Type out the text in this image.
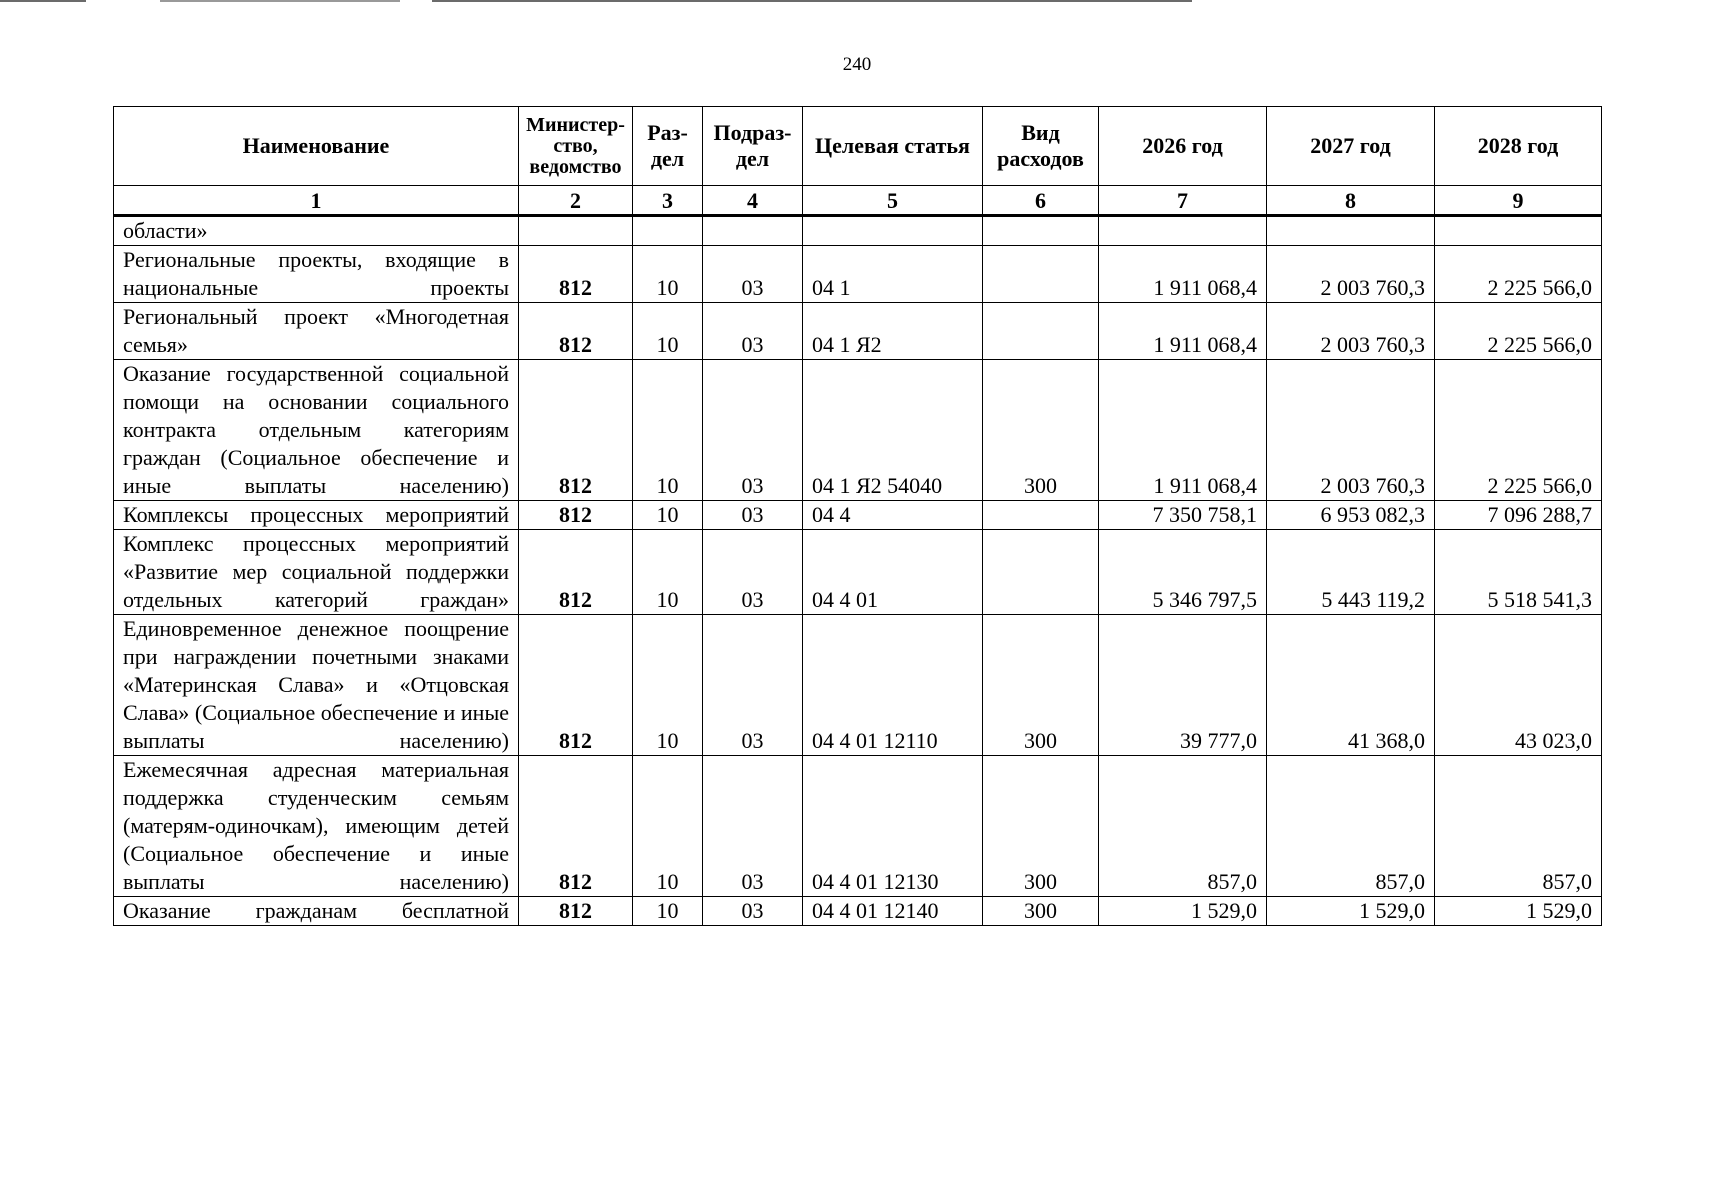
240
Наименование	Министер-ство, ведомство	Раз-дел	Подраз-дел	Целевая статья	Вид расходов	2026 год	2027 год	2028 год
1	2	3	4	5	6	7	8	9
области»								
Региональные проекты, входящие в национальные проекты	812	10	03	04 1		1 911 068,4	2 003 760,3	2 225 566,0
Региональный проект «Многодетная семья»	812	10	03	04 1 Я2		1 911 068,4	2 003 760,3	2 225 566,0
Оказание государственной социальной помощи на основании социального контракта отдельным категориям граждан (Социальное обеспечение и иные выплаты населению)	812	10	03	04 1 Я2 54040	300	1 911 068,4	2 003 760,3	2 225 566,0
Комплексы процессных мероприятий	812	10	03	04 4		7 350 758,1	6 953 082,3	7 096 288,7
Комплекс процессных мероприятий «Развитие мер социальной поддержки отдельных категорий граждан»	812	10	03	04 4 01		5 346 797,5	5 443 119,2	5 518 541,3
Единовременное денежное поощрение при награждении почетными знаками «Материнская Слава» и «Отцовская Слава» (Социальное обеспечение и иные выплаты населению)	812	10	03	04 4 01 12110	300	39 777,0	41 368,0	43 023,0
Ежемесячная адресная материальная поддержка студенческим семьям (матерям-одиночкам), имеющим детей (Социальное обеспечение и иные выплаты населению)	812	10	03	04 4 01 12130	300	857,0	857,0	857,0
Оказание гражданам бесплатной	812	10	03	04 4 01 12140	300	1 529,0	1 529,0	1 529,0
